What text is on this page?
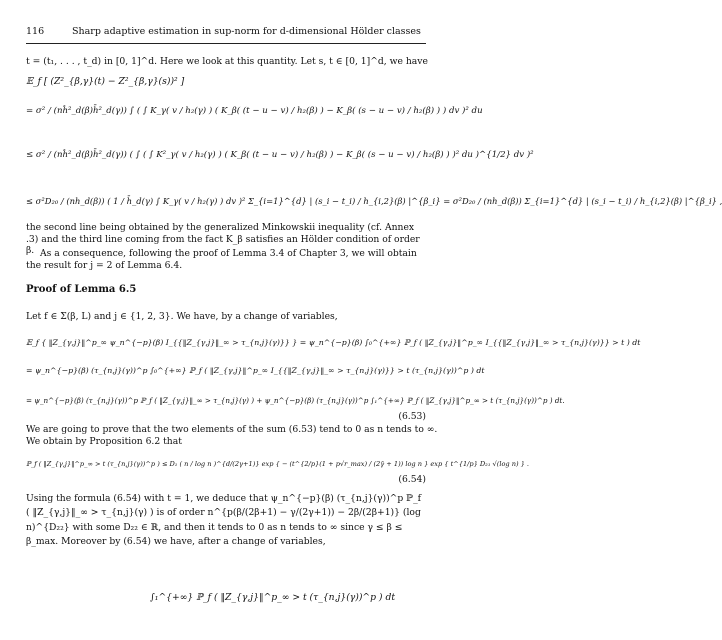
116	Sharp adaptive estimation in sup-norm for d-dimensional Hölder classes
t = (t₁, . . . , t_d) in [0, 1]^d. Here we look at this quantity. Let s, t ∈ [0, 1]^d, we have
𝔼_f [ (Z²_{β,γ}(t) − Z²_{β,γ}(s))² ]
= σ² / (nĥ²_d(β)h̄²_d(γ)) ∫ ( ∫ K_γ( v / h₂(γ) ) ( K_β( (t − u − v) / h₂(β) ) − K_β( (s − u − v) / h₂(β) ) ) dv )² du
≤ σ² / (nĥ²_d(β)h̄²_d(γ)) ( ∫ ( ∫ K²_γ( v / h₂(γ) ) ( K_β( (t − u − v) / h₂(β) ) − K_β( (s − u − v) / h₂(β) ) )² du )^{1/2} dv )²
≤ σ²D₂₀ / (nh_d(β)) ( 1 / h̄_d(γ) ∫ K_γ( v / h₂(γ) ) dv )² Σ_{i=1}^{d} | (s_i − t_i) / h_{i,2}(β) |^{β_i} = σ²D₂₀ / (nh_d(β)) Σ_{i=1}^{d} | (s_i − t_i) / h_{i,2}(β) |^{β_i} ,
the second line being obtained by the generalized Minkowskii inequality (cf. Annex .3) and the third line coming from the fact K_β satisfies an Hölder condition of order β. As a consequence, following the proof of Lemma 3.4 of Chapter 3, we will obtain the result for j = 2 of Lemma 6.4.
Proof of Lemma 6.5
Let f ∈ Σ(β, L) and j ∈ {1, 2, 3}. We have, by a change of variables,
𝔼_f { ‖Z_{γ,j}‖^p_∞ ψ_n^{−p}(β) I_{{‖Z_{γ,j}‖_∞ > τ_{n,j}(γ)}} } = ψ_n^{−p}(β) ∫₀^{+∞} ℙ_f ( ‖Z_{γ,j}‖^p_∞ I_{{‖Z_{γ,j}‖_∞ > τ_{n,j}(γ)}} > t ) dt
= ψ_n^{−p}(β) (τ_{n,j}(γ))^p ∫₀^{+∞} ℙ_f ( ‖Z_{γ,j}‖^p_∞ I_{{‖Z_{γ,j}‖_∞ > τ_{n,j}(γ)}} > t (τ_{n,j}(γ))^p ) dt
= ψ_n^{−p}(β) (τ_{n,j}(γ))^p ℙ_f ( ‖Z_{γ,j}‖_∞ > τ_{n,j}(γ) ) + ψ_n^{−p}(β) (τ_{n,j}(γ))^p ∫₁^{+∞} ℙ_f ( ‖Z_{γ,j}‖^p_∞ > t (τ_{n,j}(γ))^p ) dt.
(6.53)
We are going to prove that the two elements of the sum (6.53) tend to 0 as n tends to ∞.
We obtain by Proposition 6.2 that
ℙ_f ( ‖Z_{γ,j}‖^p_∞ > t (τ_{n,j}(γ))^p ) ≤ D₁ ( n / log n )^{d/(2γ+1)} exp { − (t^{2/p}(1 + p√r_max) / (2γ̄ + 1)) log n } exp { t^{1/p} D₂₁ √(log n) } .
(6.54)
Using the formula (6.54) with t = 1, we deduce that ψ_n^{−p}(β) (τ_{n,j}(γ))^p ℙ_f ( ‖Z_{γ,j}‖_∞ > τ_{n,j}(γ) ) is of order n^{p(β/(2β+1) − γ/(2γ+1)) − 2β/(2β+1)} (log n)^{D₂₂} with some D₂₂ ∈ ℝ, and then it tends to 0 as n tends to ∞ since γ ≤ β ≤ β_max. Moreover by (6.54) we have, after a change of variables,
∫₁^{+∞} ℙ_f ( ‖Z_{γ,j}‖^p_∞ > t (τ_{n,j}(γ))^p ) dt
